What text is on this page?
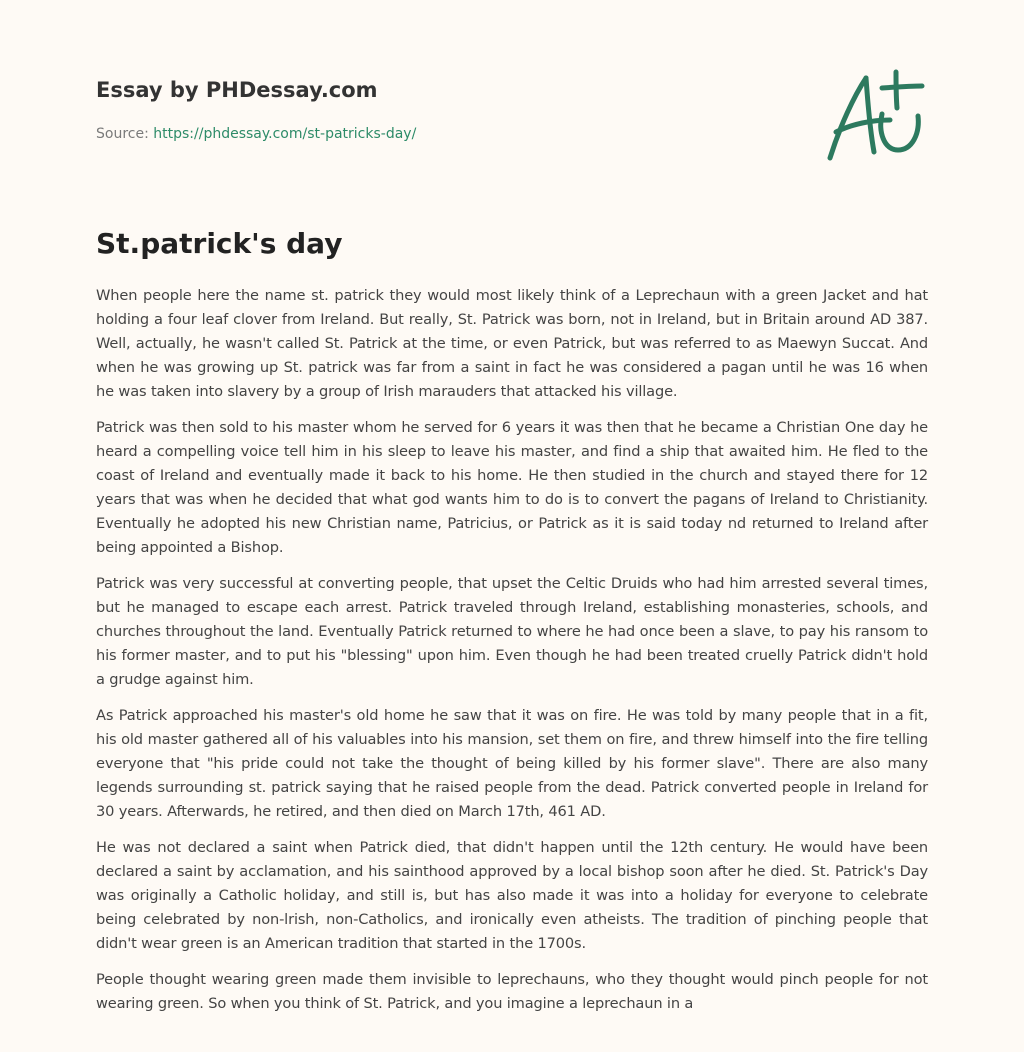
Essay by PHDessay.com
Source: https://phdessay.com/st-patricks-day/
St.patrick's day

When people here the name st. patrick they would most likely think of a Leprechaun with a green Jacket and hat holding a four leaf clover from Ireland. But really, St. Patrick was born, not in Ireland, but in Britain around AD 387. Well, actually, he wasn't called St. Patrick at the time, or even Patrick, but was referred to as Maewyn Succat. And when he was growing up St. patrick was far from a saint in fact he was considered a pagan until he was 16 when he was taken into slavery by a group of Irish marauders that attacked his village.

Patrick was then sold to his master whom he served for 6 years it was then that he became a Christian One day he heard a compelling voice tell him in his sleep to leave his master, and find a ship that awaited him. He fled to the coast of Ireland and eventually made it back to his home. He then studied in the church and stayed there for 12 years that was when he decided that what god wants him to do is to convert the pagans of Ireland to Christianity. Eventually he adopted his new Christian name, Patricius, or Patrick as it is said today nd returned to Ireland after being appointed a Bishop.

Patrick was very successful at converting people, that upset the Celtic Druids who had him arrested several times, but he managed to escape each arrest. Patrick traveled through Ireland, establishing monasteries, schools, and churches throughout the land. Eventually Patrick returned to where he had once been a slave, to pay his ransom to his former master, and to put his "blessing" upon him. Even though he had been treated cruelly Patrick didn't hold a grudge against him.

As Patrick approached his master's old home he saw that it was on fire. He was told by many people that in a fit, his old master gathered all of his valuables into his mansion, set them on fire, and threw himself into the fire telling everyone that "his pride could not take the thought of being killed by his former slave". There are also many legends surrounding st. patrick saying that he raised people from the dead. Patrick converted people in Ireland for 30 years. Afterwards, he retired, and then died on March 17th, 461 AD.

He was not declared a saint when Patrick died, that didn't happen until the 12th century. He would have been declared a saint by acclamation, and his sainthood approved by a local bishop soon after he died. St. Patrick's Day was originally a Catholic holiday, and still is, but has also made it was into a holiday for everyone to celebrate being celebrated by non-lrish, non-Catholics, and ironically even atheists. The tradition of pinching people that didn't wear green is an American tradition that started in the 1700s.

People thought wearing green made them invisible to leprechauns, who they thought would pinch people for not wearing green. So when you think of St. Patrick, and you imagine a leprechaun in a
